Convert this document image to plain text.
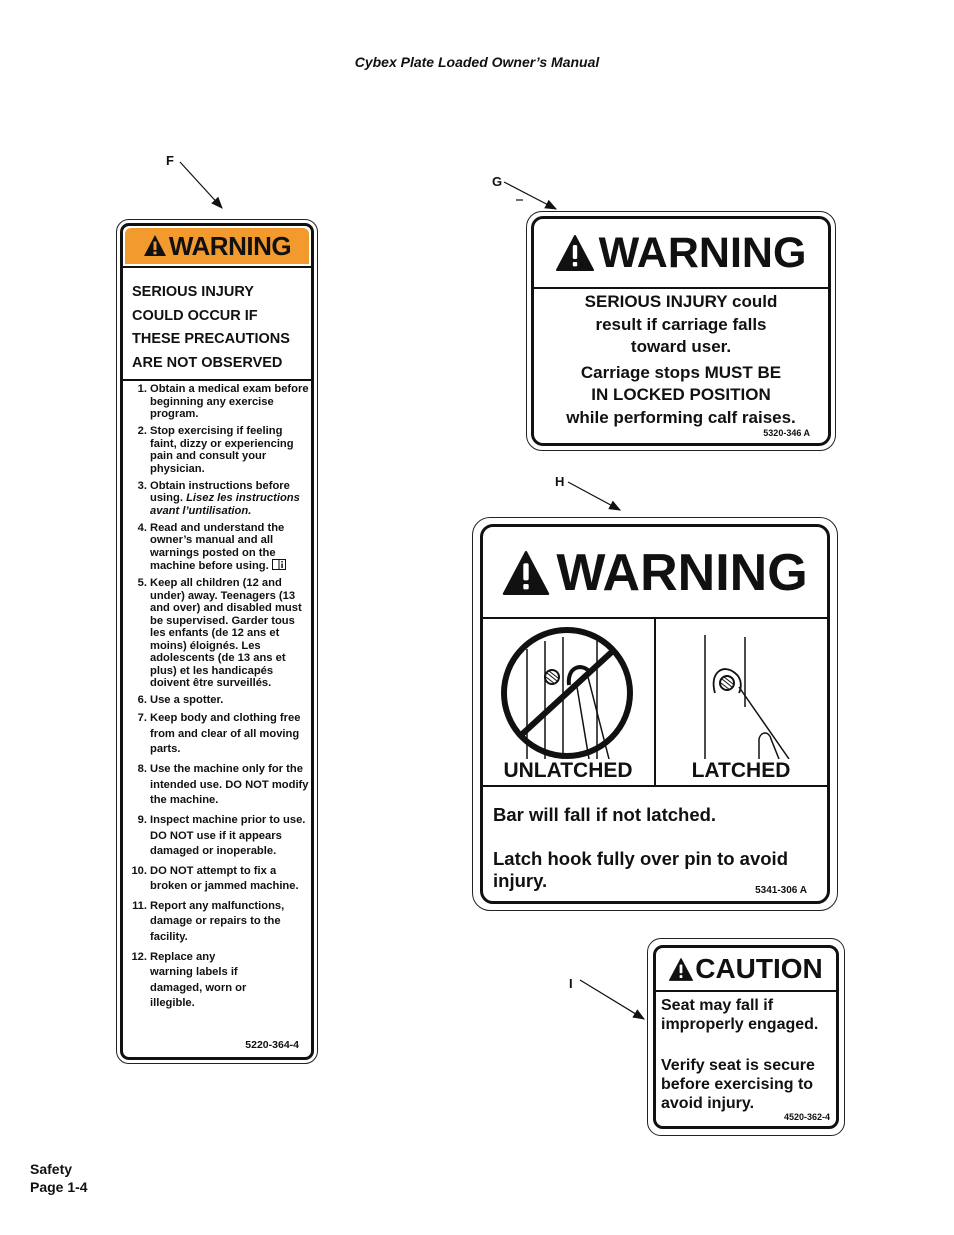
Cybex Plate Loaded Owner’s Manual
Safety
Page 1-4
F
G
H
I
WARNING
SERIOUS INJURY
COULD OCCUR IF
THESE PRECAUTIONS
ARE NOT OBSERVED
1. Obtain a medical exam before beginning any exercise program.
2. Stop exercising if feeling faint, dizzy or experiencing pain and consult your physician.
3. Obtain instructions before using. Lisez les instructions avant l’untilisation.
4. Read and understand the owner’s manual and all warnings posted on the machine before using.
5. Keep all children (12 and under) away. Teenagers (13 and over) and disabled must be supervised. Garder tous les enfants (de 12 ans et moins) éloignés. Les adolescents (de 13 ans et plus) et les handicapés doivent être surveillés.
6. Use a spotter.
7. Keep body and clothing free from and clear of all moving parts.
8. Use the machine only for the intended use. DO NOT modify the machine.
9. Inspect machine prior to use. DO NOT use if it appears damaged or inoperable.
10. DO NOT attempt to fix a broken or jammed machine.
11. Report any malfunctions, damage or repairs to the facility.
12. Replace any warning labels if damaged, worn or illegible.
5220-364-4
WARNING
SERIOUS INJURY could
result if carriage falls
toward user.
Carriage stops MUST BE
IN LOCKED POSITION
while performing calf raises.
5320-346 A
WARNING
UNLATCHED	LATCHED
Bar will fall if not latched.
Latch hook fully over pin to avoid injury.	5341-306 A
CAUTION
Seat may fall if improperly engaged.
Verify seat is secure before exercising to avoid injury.
4520-362-4
